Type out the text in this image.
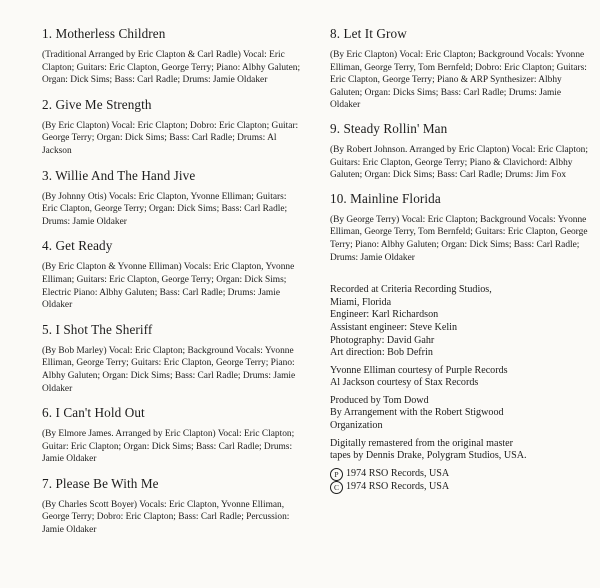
1. Motherless Children

(Traditional Arranged by Eric Clapton & Carl Radle) Vocal: Eric Clapton; Guitars: Eric Clapton, George Terry; Piano: Albhy Galuten; Organ: Dick Sims; Bass: Carl Radle; Drums: Jamie Oldaker

2. Give Me Strength

(By Eric Clapton) Vocal: Eric Clapton; Dobro: Eric Clapton; Guitar: George Terry; Organ: Dick Sims; Bass: Carl Radle; Drums: Al Jackson

3. Willie And The Hand Jive

(By Johnny Otis) Vocals: Eric Clapton, Yvonne Elliman; Guitars: Eric Clapton, George Terry; Organ: Dick Sims; Bass: Carl Radle; Drums: Jamie Oldaker

4. Get Ready

(By Eric Clapton & Yvonne Elliman) Vocals: Eric Clapton, Yvonne Elliman; Guitars: Eric Clapton, George Terry; Organ: Dick Sims; Electric Piano: Albhy Galuten; Bass: Carl Radle; Drums: Jamie Oldaker

5. I Shot The Sheriff

(By Bob Marley) Vocal: Eric Clapton; Background Vocals: Yvonne Elliman, George Terry; Guitars: Eric Clapton, George Terry; Piano: Albhy Galuten; Organ: Dick Sims; Bass: Carl Radle; Drums: Jamie Oldaker

6. I Can't Hold Out

(By Elmore James. Arranged by Eric Clapton) Vocal: Eric Clapton; Guitar: Eric Clapton; Organ: Dick Sims; Bass: Carl Radle; Drums: Jamie Oldaker

7. Please Be With Me

(By Charles Scott Boyer) Vocals: Eric Clapton, Yvonne Elliman, George Terry; Dobro: Eric Clapton; Bass: Carl Radle; Percussion: Jamie Oldaker

8. Let It Grow

(By Eric Clapton) Vocal: Eric Clapton; Background Vocals: Yvonne Elliman, George Terry, Tom Bernfeld; Dobro: Eric Clapton; Guitars: Eric Clapton, George Terry; Piano & ARP Synthesizer: Albhy Galuten; Organ: Dicks Sims; Bass: Carl Radle; Drums: Jamie Oldaker

9. Steady Rollin' Man

(By Robert Johnson. Arranged by Eric Clapton) Vocal: Eric Clapton; Guitars: Eric Clapton, George Terry; Piano & Clavichord: Albhy Galuten; Organ: Dick Sims; Bass: Carl Radle; Drums: Jim Fox

10. Mainline Florida

(By George Terry) Vocal: Eric Clapton; Background Vocals: Yvonne Elliman, George Terry, Tom Bernfeld; Guitars: Eric Clapton, George Terry; Piano: Albhy Galuten; Organ: Dick Sims; Bass: Carl Radle; Drums: Jamie Oldaker

Recorded at Criteria Recording Studios,
Miami, Florida
Engineer: Karl Richardson
Assistant engineer: Steve Kelin
Photography: David Gahr
Art direction: Bob Defrin
Yvonne Elliman courtesy of Purple Records
Al Jackson courtesy of Stax Records
Produced by Tom Dowd
By Arrangement with the Robert Stigwood
Organization
Digitally remastered from the original master
tapes by Dennis Drake, Polygram Studios, USA.
P 1974 RSO Records, USA
C 1974 RSO Records, USA
